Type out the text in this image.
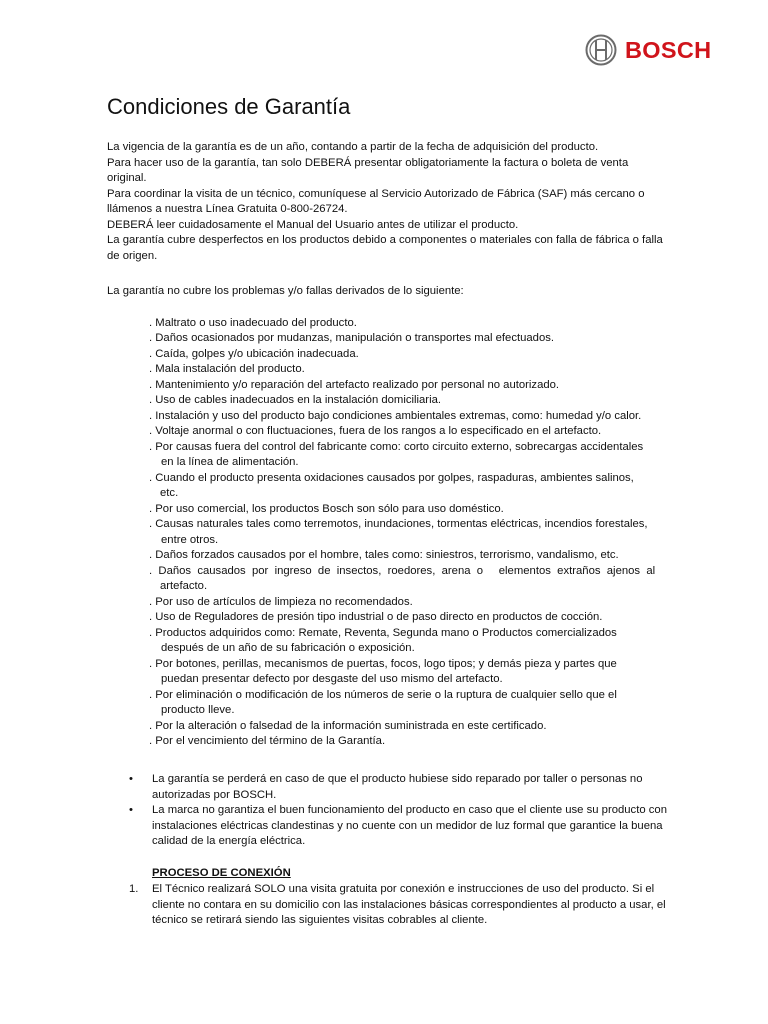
BOSCH
Condiciones de Garantía

La vigencia de la garantía es de un año, contando a partir de la fecha de adquisición del producto.

Para hacer uso de la garantía, tan solo DEBERÁ presentar obligatoriamente la factura o boleta de venta original.

Para coordinar la visita de un técnico, comuníquese al Servicio Autorizado de Fábrica (SAF) más cercano o llámenos a nuestra Línea Gratuita 0-800-26724.

DEBERÁ leer cuidadosamente el Manual del Usuario antes de utilizar el producto.

La garantía cubre desperfectos en los productos debido a componentes o materiales con falla de fábrica o falla de origen.

La garantía no cubre los problemas y/o fallas derivados de lo siguiente:
. Maltrato o uso inadecuado del producto.
. Daños ocasionados por mudanzas, manipulación o transportes mal efectuados.
. Caída, golpes y/o ubicación inadecuada.
. Mala instalación del producto.
. Mantenimiento y/o reparación del artefacto realizado por personal no autorizado.
. Uso de cables inadecuados en la instalación domiciliaria.
. Instalación y uso del producto bajo condiciones ambientales extremas, como: humedad y/o calor.
. Voltaje anormal o con fluctuaciones, fuera de los rangos a lo especificado en el artefacto.
. Por causas fuera del control del fabricante como: corto circuito externo, sobrecargas accidentales
en la línea de alimentación.
. Cuando el producto presenta oxidaciones causados por golpes, raspaduras, ambientes salinos,
etc.
. Por uso comercial, los productos Bosch son sólo para uso doméstico.
. Causas naturales tales como terremotos, inundaciones, tormentas eléctricas, incendios forestales,
entre otros.
. Daños forzados causados por el hombre, tales como: siniestros, terrorismo, vandalismo, etc.
.  Daños  causados  por  ingreso  de  insectos,  roedores,  arena  o     elementos  extraños  ajenos  al
artefacto.
. Por uso de artículos de limpieza no recomendados.
. Uso de Reguladores de presión tipo industrial o de paso directo en productos de cocción.
. Productos adquiridos como: Remate, Reventa, Segunda mano o Productos comercializados
después de un año de su fabricación o exposición.
. Por botones, perillas, mecanismos de puertas, focos, logo tipos; y demás pieza y partes que
puedan presentar defecto por desgaste del uso mismo del artefacto.
. Por eliminación o modificación de los números de serie o la ruptura de cualquier sello que el
producto lleve.
. Por la alteración o falsedad de la información suministrada en este certificado.
. Por el vencimiento del término de la Garantía.
• La garantía se perderá en caso de que el producto hubiese sido reparado por taller o personas no autorizadas por BOSCH.
• La marca no garantiza el buen funcionamiento del producto en caso que el cliente use su producto con instalaciones eléctricas clandestinas y no cuente con un medidor de luz formal que garantice la buena calidad de la energía eléctrica.
PROCESO DE CONEXIÓN
1.	El Técnico realizará SOLO una visita gratuita por conexión e instrucciones de uso del producto. Si el cliente no contara en su domicilio con las instalaciones básicas correspondientes al producto a usar, el técnico se retirará siendo las siguientes visitas cobrables al cliente.
